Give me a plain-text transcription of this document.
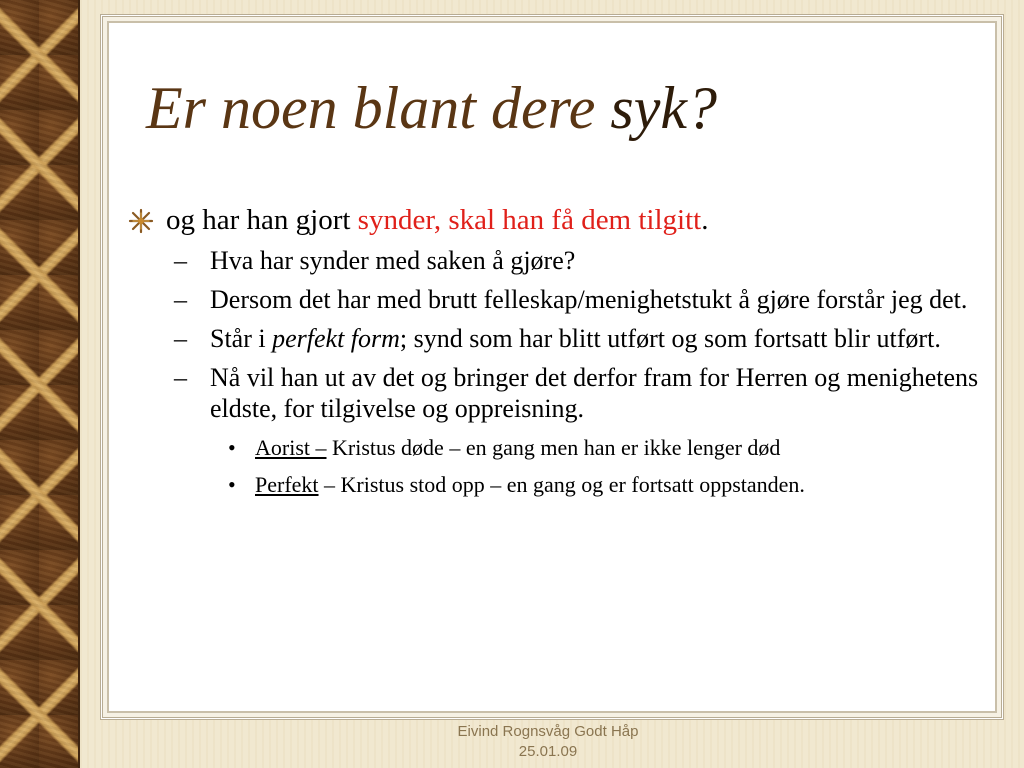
Er noen blant dere syk?
og har han gjort synder, skal han få dem tilgitt.
– Hva har synder med saken å gjøre?
– Dersom det har med brutt felleskap/menighetstukt å gjøre forstår jeg det.
– Står i perfekt form; synd som har blitt utført og som fortsatt blir utført.
– Nå vil han ut av det og bringer det derfor fram for Herren og menighetens eldste, for tilgivelse og oppreisning.
• Aorist – Kristus døde – en gang men han er ikke lenger død
• Perfekt – Kristus stod opp – en gang og er fortsatt oppstanden.
Eivind Rognsvåg Godt Håp
25.01.09
